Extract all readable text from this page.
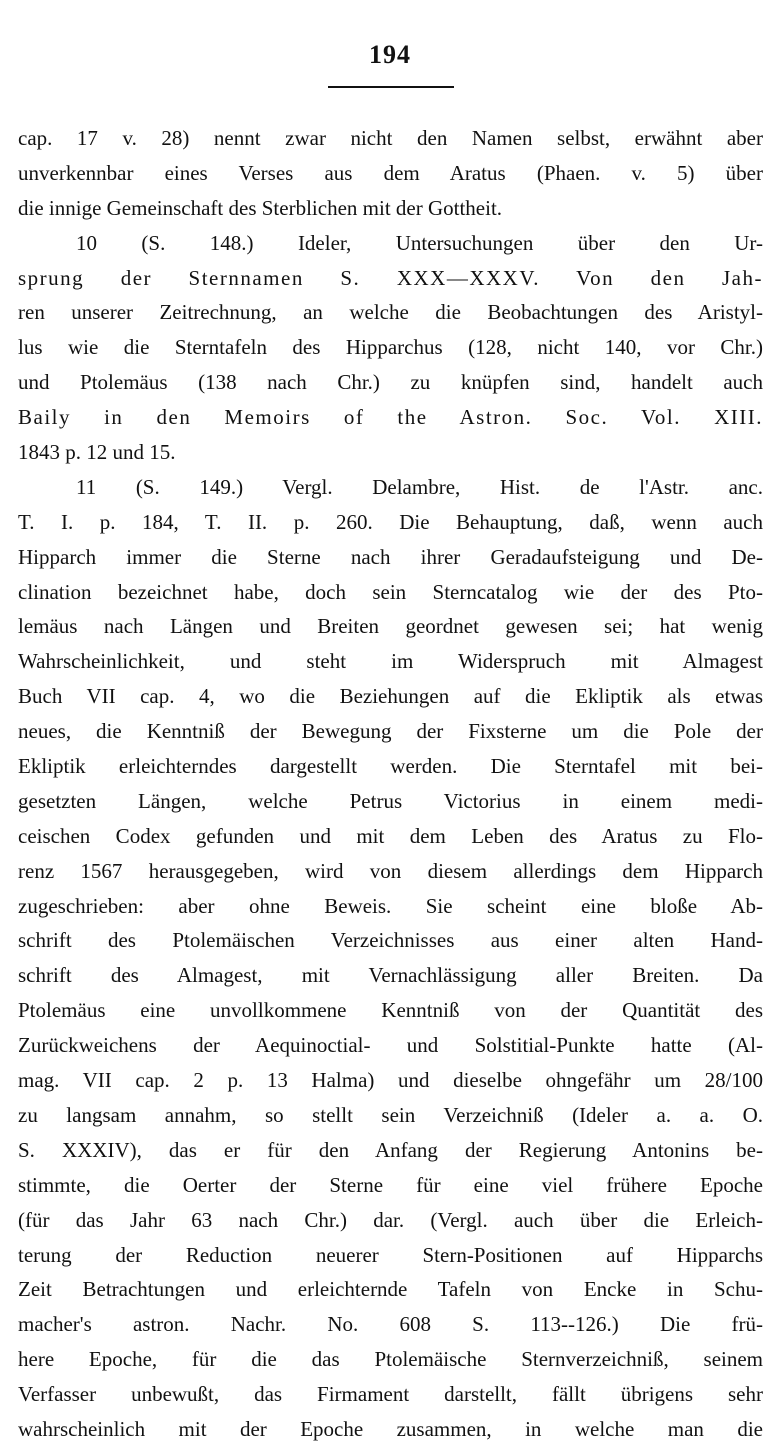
194
cap. 17 v. 28) nennt zwar nicht den Namen selbst, erwähnt aber
unverkennbar eines Verses aus dem Aratus (Phaen. v. 5) über
die innige Gemeinschaft des Sterblichen mit der Gottheit.
10 (S. 148.) Ideler, Untersuchungen über den Ur-
sprung der Sternnamen S. XXX—XXXV. Von den Jah-
ren unserer Zeitrechnung, an welche die Beobachtungen des Aristyl-
lus wie die Sterntafeln des Hipparchus (128, nicht 140, vor Chr.)
und Ptolemäus (138 nach Chr.) zu knüpfen sind, handelt auch
Baily in den Memoirs of the Astron. Soc. Vol. XIII.
1843 p. 12 und 15.
11 (S. 149.) Vergl. Delambre, Hist. de l'Astr. anc.
T. I. p. 184, T. II. p. 260. Die Behauptung, daß, wenn auch
Hipparch immer die Sterne nach ihrer Geradaufsteigung und De-
clination bezeichnet habe, doch sein Sterncatalog wie der des Pto-
lemäus nach Längen und Breiten geordnet gewesen sei; hat wenig
Wahrscheinlichkeit, und steht im Widerspruch mit Almagest
Buch VII cap. 4, wo die Beziehungen auf die Ekliptik als etwas
neues, die Kenntniß der Bewegung der Fixsterne um die Pole der
Ekliptik erleichterndes dargestellt werden. Die Sterntafel mit bei-
gesetzten Längen, welche Petrus Victorius in einem medi-
ceischen Codex gefunden und mit dem Leben des Aratus zu Flo-
renz 1567 herausgegeben, wird von diesem allerdings dem Hipparch
zugeschrieben: aber ohne Beweis. Sie scheint eine bloße Ab-
schrift des Ptolemäischen Verzeichnisses aus einer alten Hand-
schrift des Almagest, mit Vernachlässigung aller Breiten. Da
Ptolemäus eine unvollkommene Kenntniß von der Quantität des
Zurückweichens der Aequinoctial- und Solstitial-Punkte hatte (Al-
mag. VII cap. 2 p. 13 Halma) und dieselbe ohngefähr um 28/100
zu langsam annahm, so stellt sein Verzeichniß (Ideler a. a. O.
S. XXXIV), das er für den Anfang der Regierung Antonins be-
stimmte, die Oerter der Sterne für eine viel frühere Epoche
(für das Jahr 63 nach Chr.) dar. (Vergl. auch über die Erleich-
terung der Reduction neuerer Stern-Positionen auf Hipparchs
Zeit Betrachtungen und erleichternde Tafeln von Encke in Schu-
macher's astron. Nachr. No. 608 S. 113--126.) Die frü-
here Epoche, für die das Ptolemäische Sternverzeichniß, seinem
Verfasser unbewußt, das Firmament darstellt, fällt übrigens sehr
wahrscheinlich mit der Epoche zusammen, in welche man die
